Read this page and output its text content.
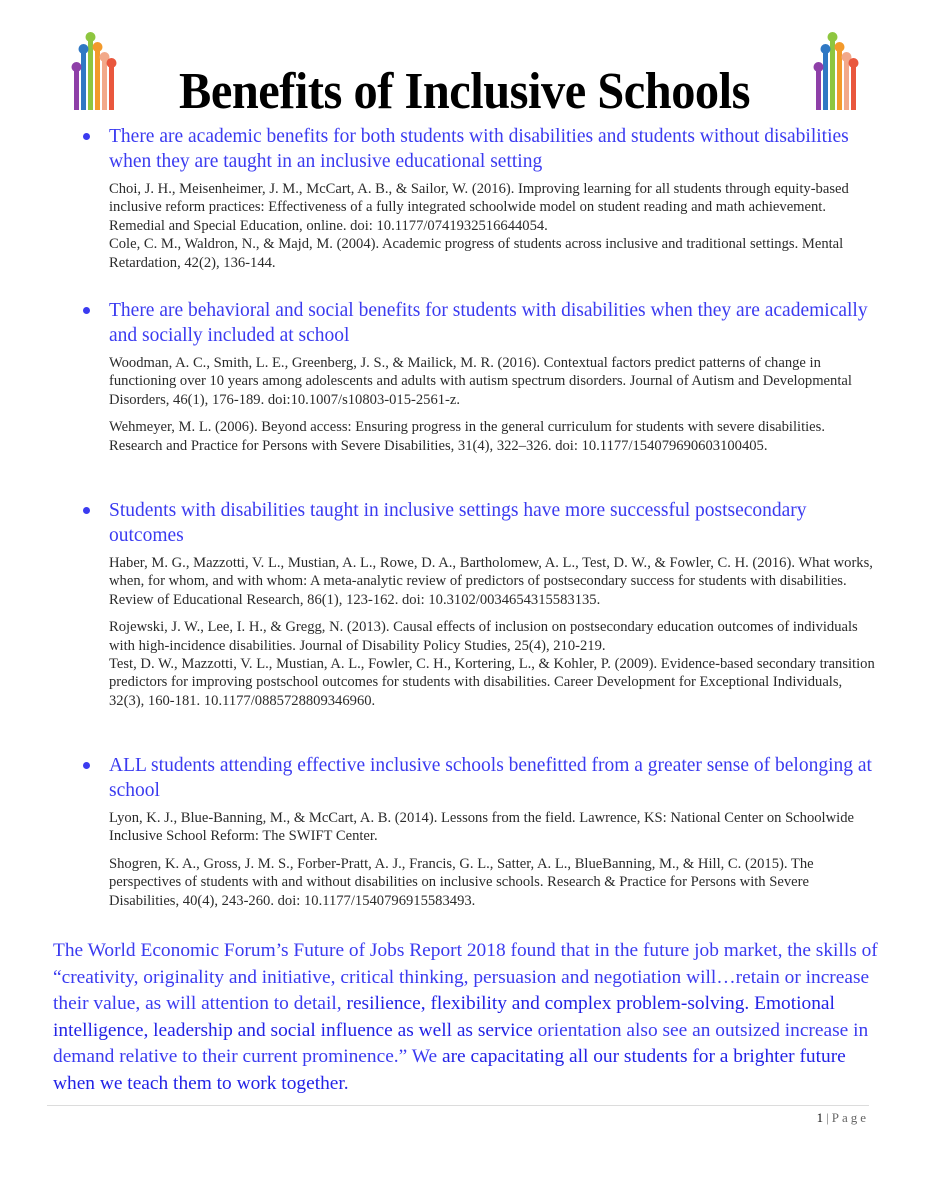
Benefits of Inclusive Schools

There are academic benefits for both students with disabilities and students without disabilities when they are taught in an inclusive educational setting

Choi, J. H., Meisenheimer, J. M., McCart, A. B., & Sailor, W. (2016). Improving learning for all students through equity-based inclusive reform practices: Effectiveness of a fully integrated schoolwide model on student reading and math achievement. Remedial and Special Education, online. doi: 10.1177/0741932516644054.

Cole, C. M., Waldron, N., & Majd, M. (2004). Academic progress of students across inclusive and traditional settings. Mental Retardation, 42(2), 136-144.

There are behavioral and social benefits for students with disabilities when they are academically and socially included at school

Woodman, A. C., Smith, L. E., Greenberg, J. S., & Mailick, M. R. (2016). Contextual factors predict patterns of change in functioning over 10 years among adolescents and adults with autism spectrum disorders. Journal of Autism and Developmental Disorders, 46(1), 176-189. doi:10.1007/s10803-015-2561-z.

Wehmeyer, M. L. (2006). Beyond access: Ensuring progress in the general curriculum for students with severe disabilities. Research and Practice for Persons with Severe Disabilities, 31(4), 322–326. doi: 10.1177/154079690603100405.

Students with disabilities taught in inclusive settings have more successful postsecondary outcomes

Haber, M. G., Mazzotti, V. L., Mustian, A. L., Rowe, D. A., Bartholomew, A. L., Test, D. W., & Fowler, C. H. (2016). What works, when, for whom, and with whom: A meta-analytic review of predictors of postsecondary success for students with disabilities. Review of Educational Research, 86(1), 123-162. doi: 10.3102/0034654315583135.

Rojewski, J. W., Lee, I. H., & Gregg, N. (2013). Causal effects of inclusion on postsecondary education outcomes of individuals with high-incidence disabilities. Journal of Disability Policy Studies, 25(4), 210-219.

Test, D. W., Mazzotti, V. L., Mustian, A. L., Fowler, C. H., Kortering, L., & Kohler, P. (2009). Evidence-based secondary transition predictors for improving postschool outcomes for students with disabilities. Career Development for Exceptional Individuals, 32(3), 160-181. 10.1177/0885728809346960.

ALL students attending effective inclusive schools benefitted from a greater sense of belonging at school

Lyon, K. J., Blue-Banning, M., & McCart, A. B. (2014). Lessons from the field. Lawrence, KS: National Center on Schoolwide Inclusive School Reform: The SWIFT Center.

Shogren, K. A., Gross, J. M. S., Forber-Pratt, A. J., Francis, G. L., Satter, A. L., BlueBanning, M., & Hill, C. (2015). The perspectives of students with and without disabilities on inclusive schools. Research & Practice for Persons with Severe Disabilities, 40(4), 243-260. doi: 10.1177/1540796915583493.

The World Economic Forum’s Future of Jobs Report 2018 found that in the future job market, the skills of “creativity, originality and initiative, critical thinking, persuasion and negotiation will…retain or increase their value, as will attention to detail, resilience, flexibility and complex problem-solving. Emotional intelligence, leadership and social influence as well as service orientation also see an outsized increase in demand relative to their current prominence.” We are capacitating all our students for a brighter future when we teach them to work together.

1 | Page
